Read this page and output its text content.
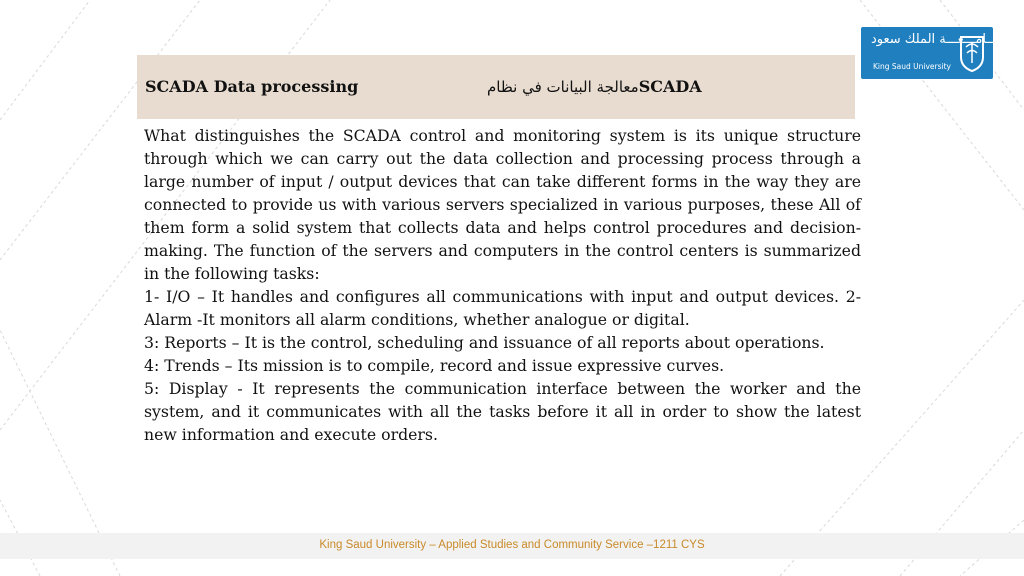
SCADA Data processing	معالجة البيانات في نظامSCADA
جـــامـــعـــة الملك سعود
King Saud University

What distinguishes the SCADA control and monitoring system is its unique structure through which we can carry out the data collection and processing process through a large number of input / output devices that can take different forms in the way they are connected to provide us with various servers specialized in various purposes, these All of them form a solid system that collects data and helps control procedures and decision-making. The function of the servers and computers in the control centers is summarized in the following tasks:

1- I/O – It handles and configures all communications with input and output devices. 2- Alarm -It monitors all alarm conditions, whether analogue or digital.

3: Reports – It is the control, scheduling and issuance of all reports about operations.

4: Trends – Its mission is to compile, record and issue expressive curves.

5: Display - It represents the communication interface between the worker and the system, and it communicates with all the tasks before it all in order to show the latest new information and execute orders.

King Saud University – Applied Studies and Community Service –1211 CYS
